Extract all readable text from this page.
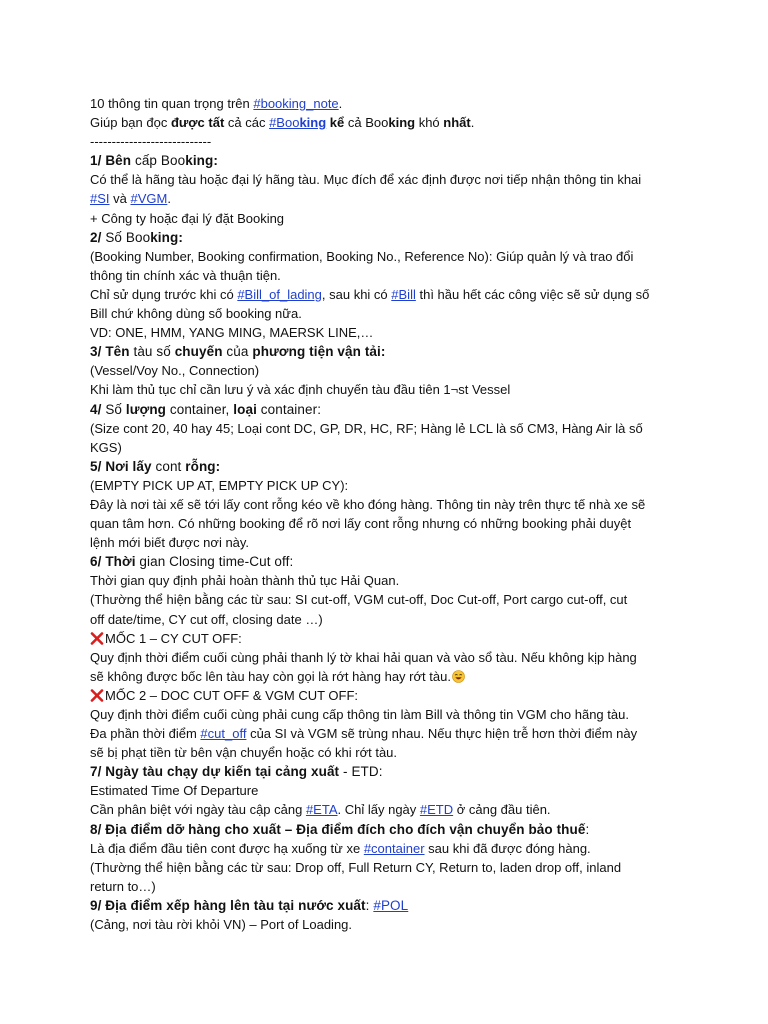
10 thông tin quan trọng trên #booking_note.
Giúp bạn đọc được tất cả các #Booking kể cả Booking khó nhất.
----------------------------
1/ Bên cấp Booking:
Có thể là hãng tàu hoặc đại lý hãng tàu. Mục đích để xác định được nơi tiếp nhận thông tin khai
#SI và #VGM.
+ Công ty hoặc đại lý đặt Booking
2/ Số Booking:
(Booking Number, Booking confirmation, Booking No., Reference No): Giúp quản lý và trao đổi
thông tin chính xác và thuận tiện.
Chỉ sử dụng trước khi có #Bill_of_lading, sau khi có #Bill thì hầu hết các công việc sẽ sử dụng số
Bill chứ không dùng số booking nữa.
VD: ONE, HMM, YANG MING, MAERSK LINE,…
3/ Tên tàu số chuyến của phương tiện vận tải:
(Vessel/Voy No., Connection)
Khi làm thủ tục chỉ cần lưu ý và xác định chuyến tàu đầu tiên 1¬st Vessel
4/ Số lượng container, loại container:
(Size cont 20, 40 hay 45; Loại cont DC, GP, DR, HC, RF; Hàng lẻ LCL là số CM3, Hàng Air là số
KGS)
5/ Nơi lấy cont rỗng:
(EMPTY PICK UP AT, EMPTY PICK UP CY):
Đây là nơi tài xế sẽ tới lấy cont rỗng kéo về kho đóng hàng. Thông tin này trên thực tế nhà xe sẽ
quan tâm hơn. Có những booking để rõ nơi lấy cont rỗng nhưng có những booking phải duyệt
lệnh mới biết được nơi này.
6/ Thời gian Closing time-Cut off:
Thời gian quy định phải hoàn thành thủ tục Hải Quan.
(Thường thể hiện bằng các từ sau: SI cut-off, VGM cut-off, Doc Cut-off, Port cargo cut-off, cut
off date/time, CY cut off, closing date …)
MỐC 1 – CY CUT OFF:
Quy định thời điểm cuối cùng phải thanh lý tờ khai hải quan và vào sổ tàu. Nếu không kịp hàng
sẽ không được bốc lên tàu hay còn gọi là rớt hàng hay rớt tàu.
MỐC 2 – DOC CUT OFF & VGM CUT OFF:
Quy định thời điểm cuối cùng phải cung cấp thông tin làm Bill và thông tin VGM cho hãng tàu.
Đa phần thời điểm #cut_off của SI và VGM sẽ trùng nhau. Nếu thực hiện trễ hơn thời điểm này
sẽ bị phạt tiền từ bên vận chuyển hoặc có khi rớt tàu.
7/ Ngày tàu chạy dự kiến tại cảng xuất - ETD:
Estimated Time Of Departure
Cần phân biệt với ngày tàu cập cảng #ETA. Chỉ lấy ngày #ETD ở cảng đầu tiên.
8/ Địa điểm dỡ hàng cho xuất – Địa điểm đích cho đích vận chuyển bảo thuế:
Là địa điểm đầu tiên cont được hạ xuống từ xe #container sau khi đã được đóng hàng.
(Thường thể hiện bằng các từ sau: Drop off, Full Return CY, Return to, laden drop off, inland
return to…)
9/ Địa điểm xếp hàng lên tàu tại nước xuất: #POL
(Cảng, nơi tàu rời khỏi VN) – Port of Loading.
